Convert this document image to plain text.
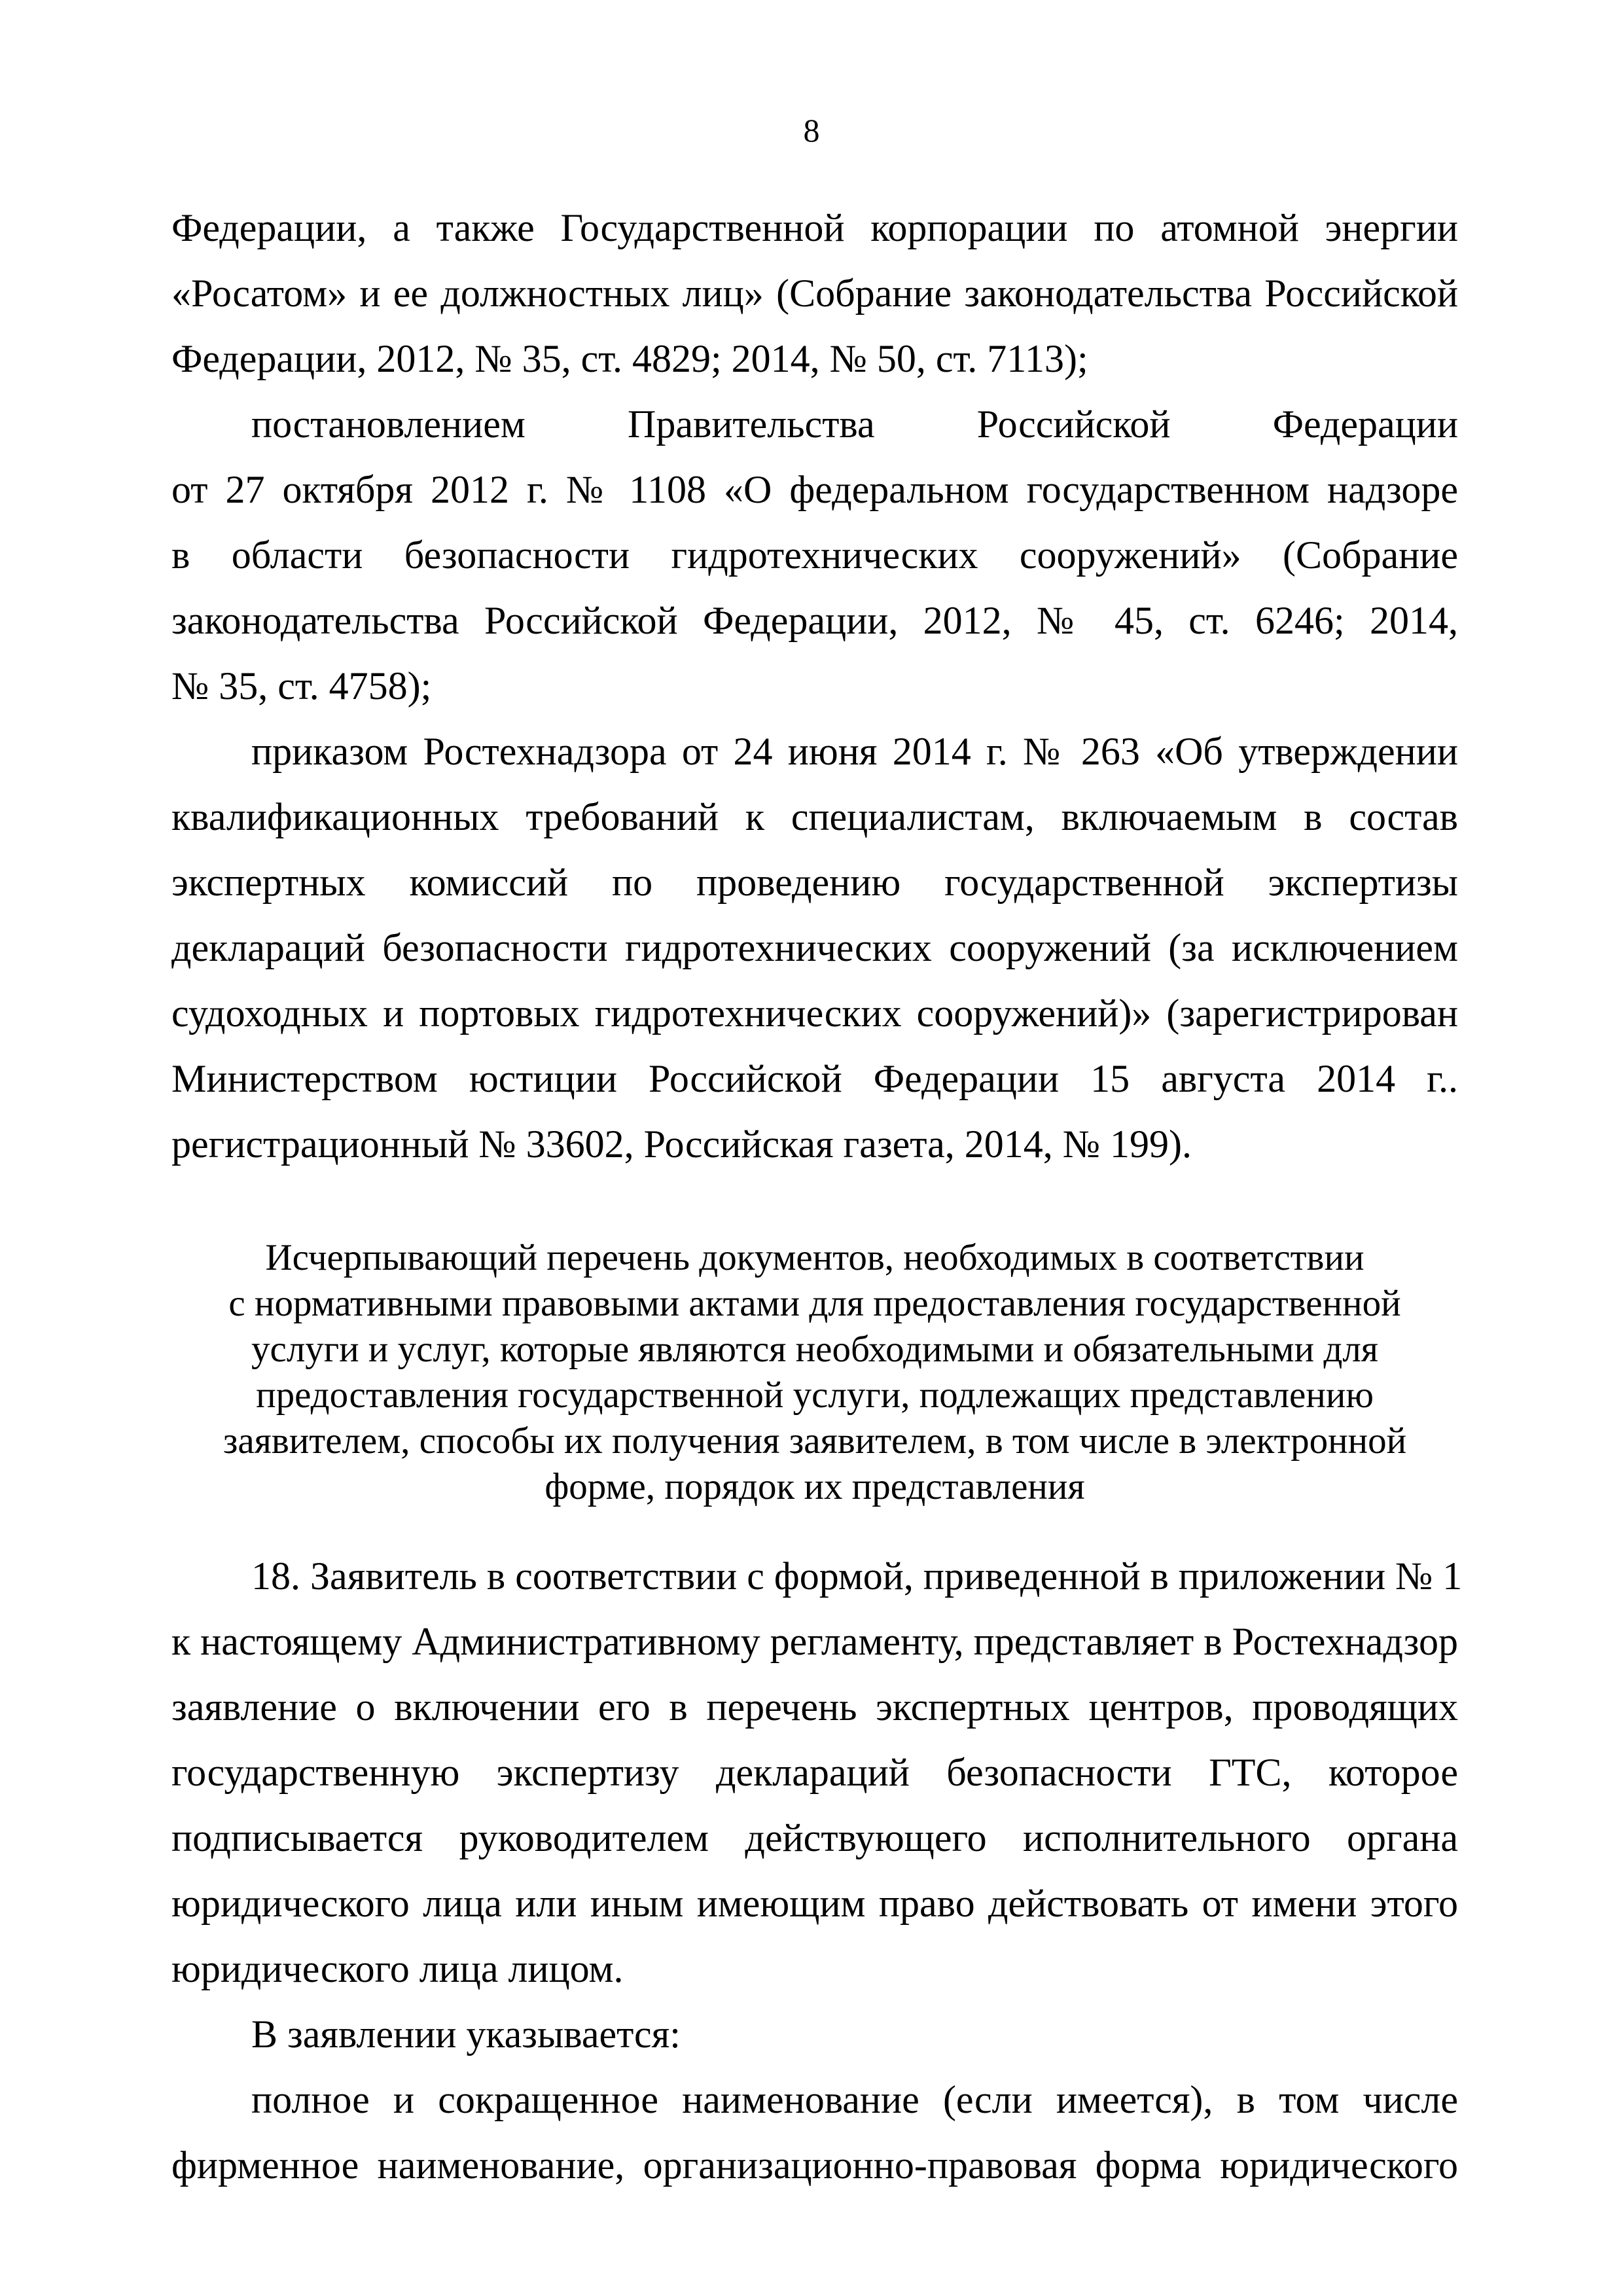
8
Федерации, а также Государственной корпорации по атомной энергии
«Росатом» и ее должностных лиц» (Собрание законодательства Российской
Федерации, 2012, № 35, ст. 4829; 2014, № 50, ст. 7113);
постановлением Правительства Российской Федерации
от 27 октября 2012 г. № 1108 «О федеральном государственном надзоре
в области безопасности гидротехнических сооружений» (Собрание
законодательства Российской Федерации, 2012, № 45, ст. 6246; 2014,
№ 35, ст. 4758);
приказом Ростехнадзора от 24 июня 2014 г. № 263 «Об утверждении
квалификационных требований к специалистам, включаемым в состав
экспертных комиссий по проведению государственной экспертизы
деклараций безопасности гидротехнических сооружений (за исключением
судоходных и портовых гидротехнических сооружений)» (зарегистрирован
Министерством юстиции Российской Федерации 15 августа 2014 г..
регистрационный № 33602, Российская газета, 2014, № 199).
Исчерпывающий перечень документов, необходимых в соответствии
с нормативными правовыми актами для предоставления государственной
услуги и услуг, которые являются необходимыми и обязательными для
предоставления государственной услуги, подлежащих представлению
заявителем, способы их получения заявителем, в том числе в электронной
форме, порядок их представления
18. Заявитель в соответствии с формой, приведенной в приложении № 1
к настоящему Административному регламенту, представляет в Ростехнадзор
заявление о включении его в перечень экспертных центров, проводящих
государственную экспертизу деклараций безопасности ГТС, которое
подписывается руководителем действующего исполнительного органа
юридического лица или иным имеющим право действовать от имени этого
юридического лица лицом.
В заявлении указывается:
полное и сокращенное наименование (если имеется), в том числе
фирменное наименование, организационно-правовая форма юридического
